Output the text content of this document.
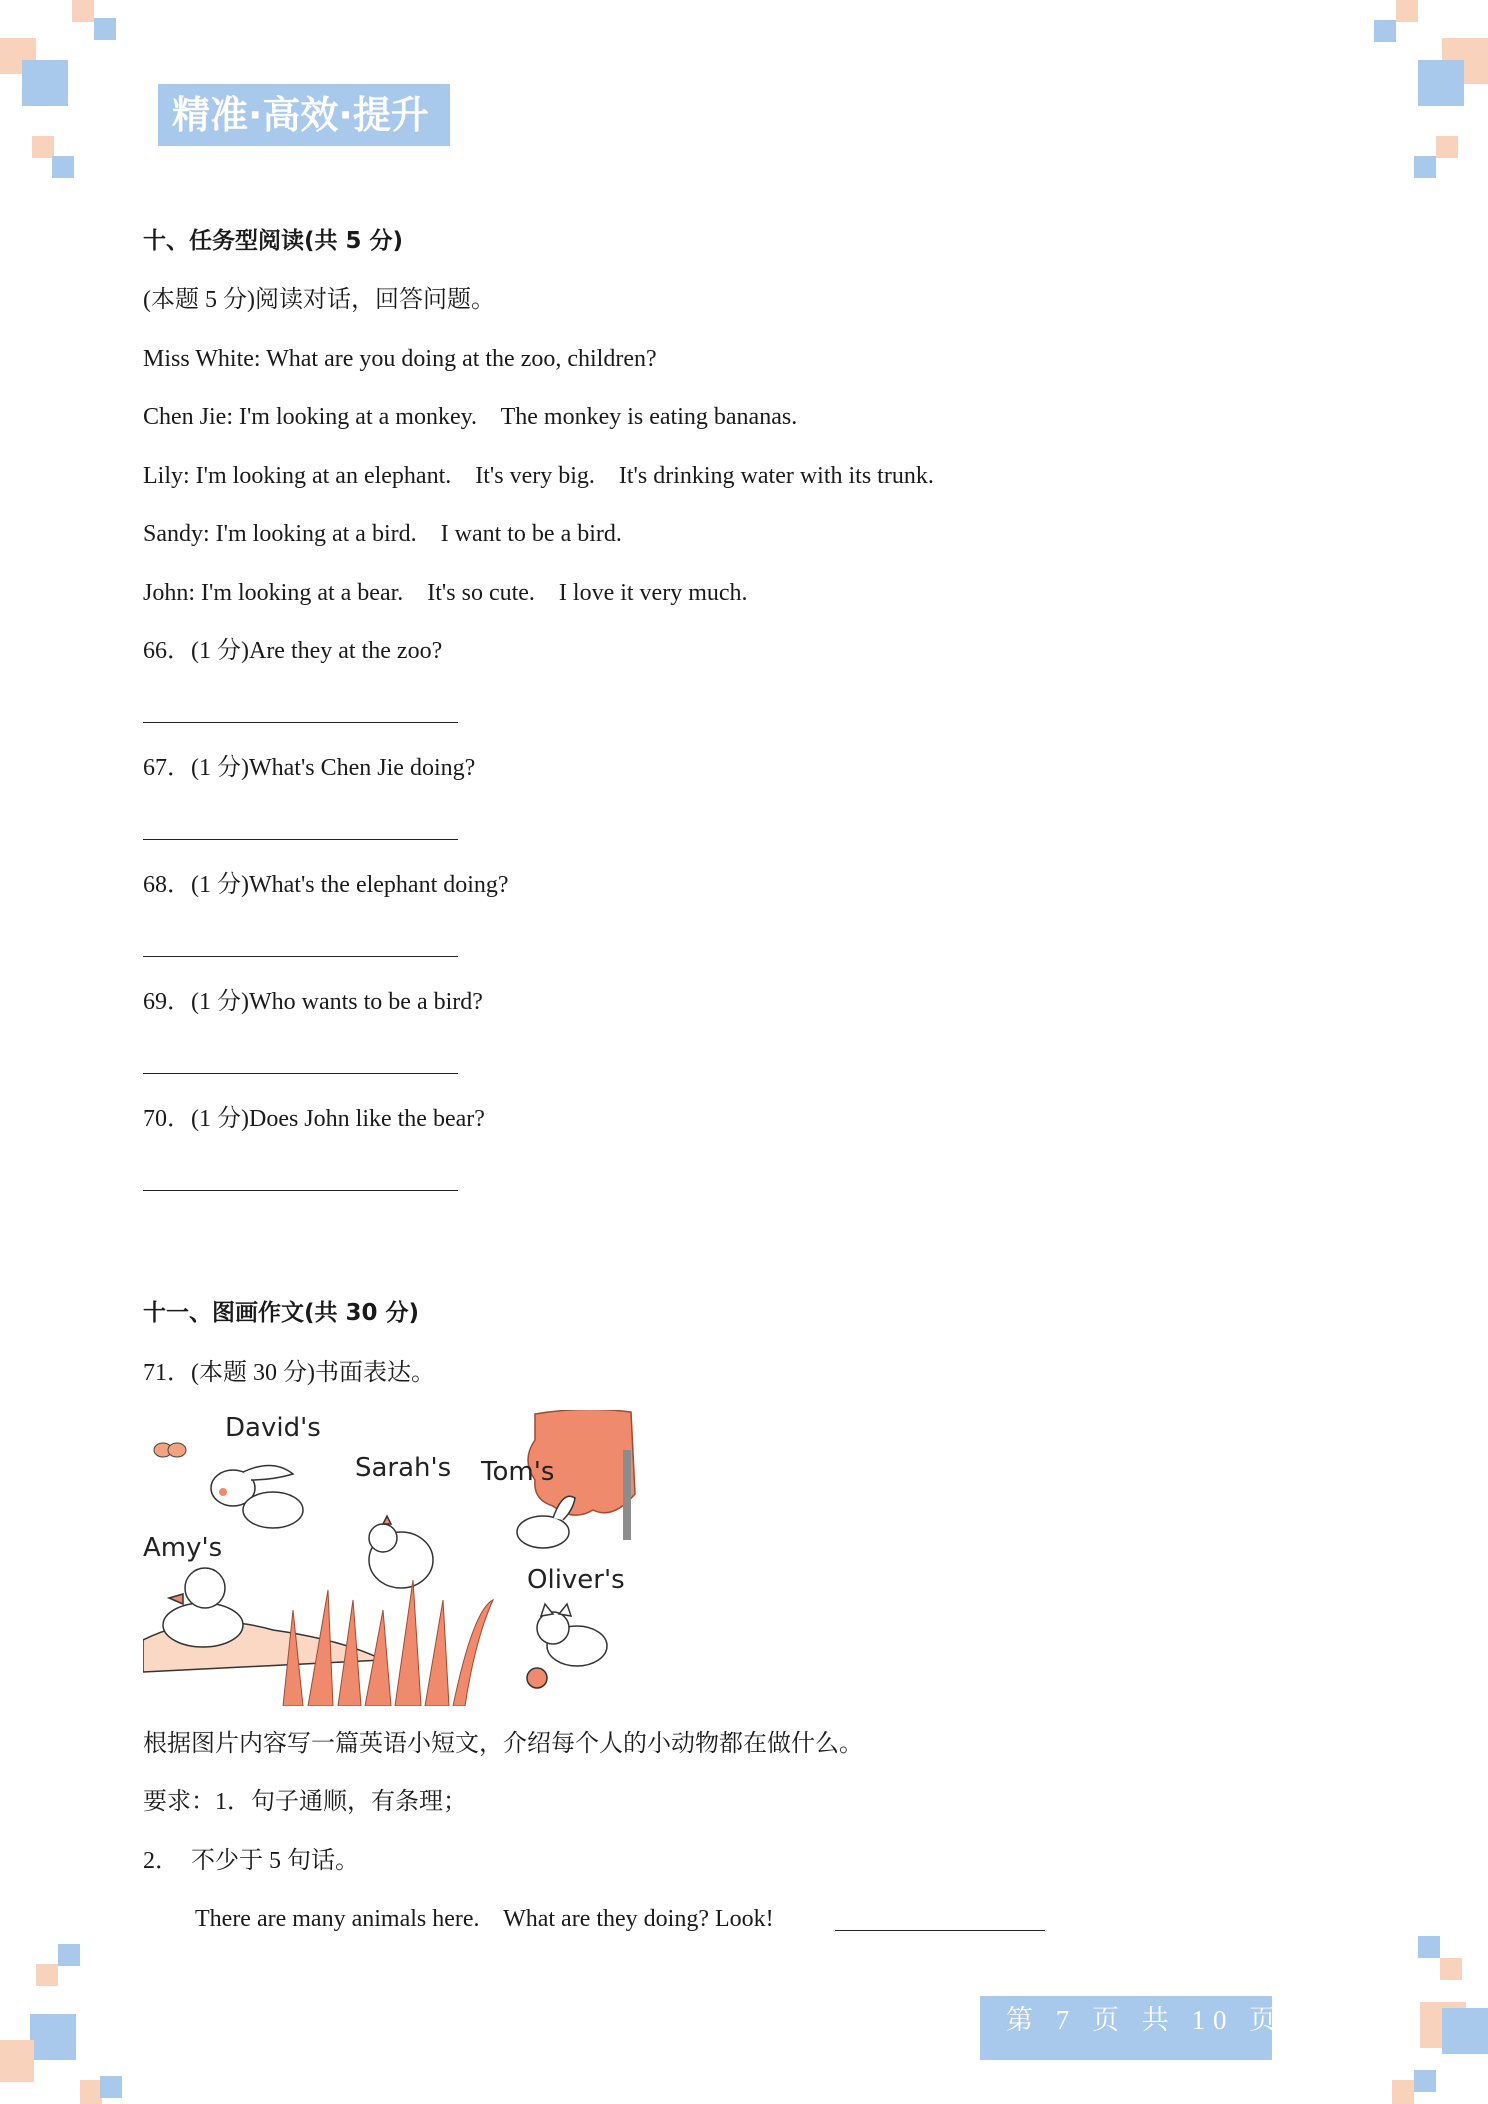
精准·高效·提升
十、任务型阅读(共 5 分)
(本题 5 分)阅读对话，回答问题。
Miss White: What are you doing at the zoo, children?
Chen Jie: I'm looking at a monkey.    The monkey is eating bananas.
Lily: I'm looking at an elephant.    It's very big.    It's drinking water with its trunk.
Sandy: I'm looking at a bird.    I want to be a bird.
John: I'm looking at a bear.    It's so cute.    I love it very much.
66．(1 分)Are they at the zoo?
67．(1 分)What's Chen Jie doing?
68．(1 分)What's the elephant doing?
69．(1 分)Who wants to be a bird?
70．(1 分)Does John like the bear?
十一、图画作文(共 30 分)
71．(本题 30 分)书面表达。
根据图片内容写一篇英语小短文，介绍每个人的小动物都在做什么。
要求：1．句子通顺，有条理；
2．  不少于 5 句话。
There are many animals here.    What are they doing? Look!
David's
Sarah's Tom's
Amy's
Oliver's
第 7 页 共 10 页
